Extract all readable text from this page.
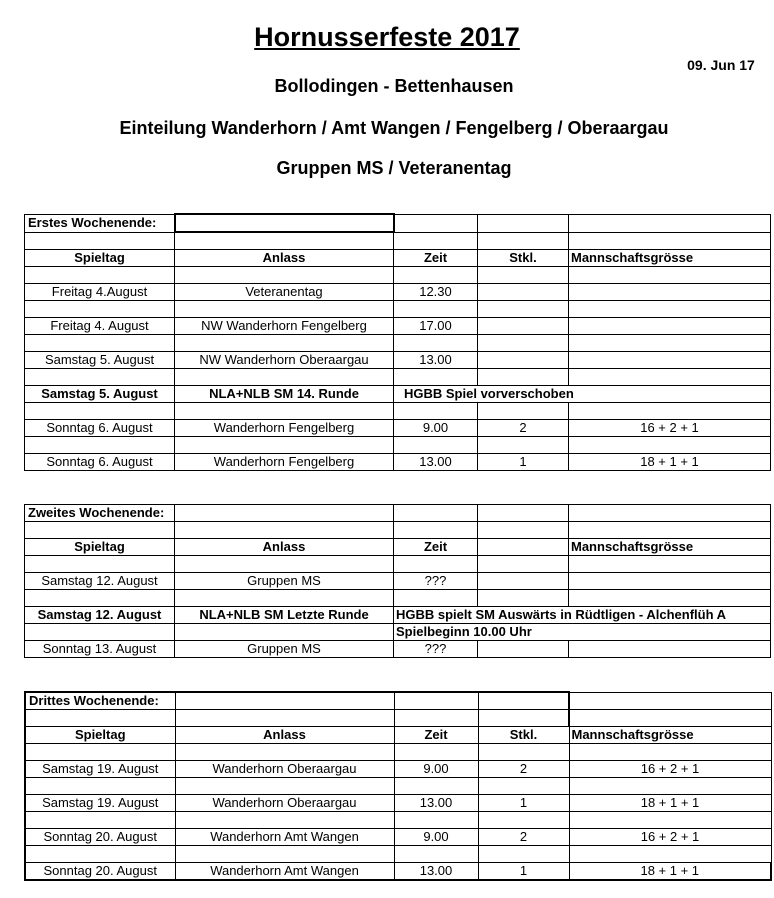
Hornusserfeste 2017
09. Jun 17
Bollodingen - Bettenhausen
Einteilung Wanderhorn / Amt Wangen / Fengelberg / Oberaargau
Gruppen MS / Veteranentag
Erstes Wochenende:				

Spieltag	Anlass	Zeit	Stkl.	Mannschaftsgrösse

Freitag 4.August	Veteranentag	12.30		

Freitag 4. August	NW Wanderhorn Fengelberg	17.00		

Samstag 5. August	NW Wanderhorn Oberaargau	13.00		

Samstag 5. August	NLA+NLB SM 14. Runde	HGBB Spiel vorverschoben		

Sonntag 6. August	Wanderhorn Fengelberg	9.00	2	16 + 2 + 1

Sonntag 6. August	Wanderhorn Fengelberg	13.00	1	18 + 1 + 1
Zweites Wochenende:				

Spieltag	Anlass	Zeit		Mannschaftsgrösse

Samstag 12. August	Gruppen MS	???		

Samstag 12. August	NLA+NLB SM Letzte Runde	HGBB spielt SM Auswärts in Rüdtligen - Alchenflüh A		
		Spielbeginn 10.00 Uhr		
Sonntag 13. August	Gruppen MS	???		
Drittes Wochenende:				

Spieltag	Anlass	Zeit	Stkl.	Mannschaftsgrösse

Samstag 19. August	Wanderhorn Oberaargau	9.00	2	16 + 2 + 1

Samstag 19. August	Wanderhorn Oberaargau	13.00	1	18 + 1 + 1

Sonntag 20. August	Wanderhorn Amt Wangen	9.00	2	16 + 2 + 1

Sonntag 20. August	Wanderhorn Amt Wangen	13.00	1	18 + 1 + 1
